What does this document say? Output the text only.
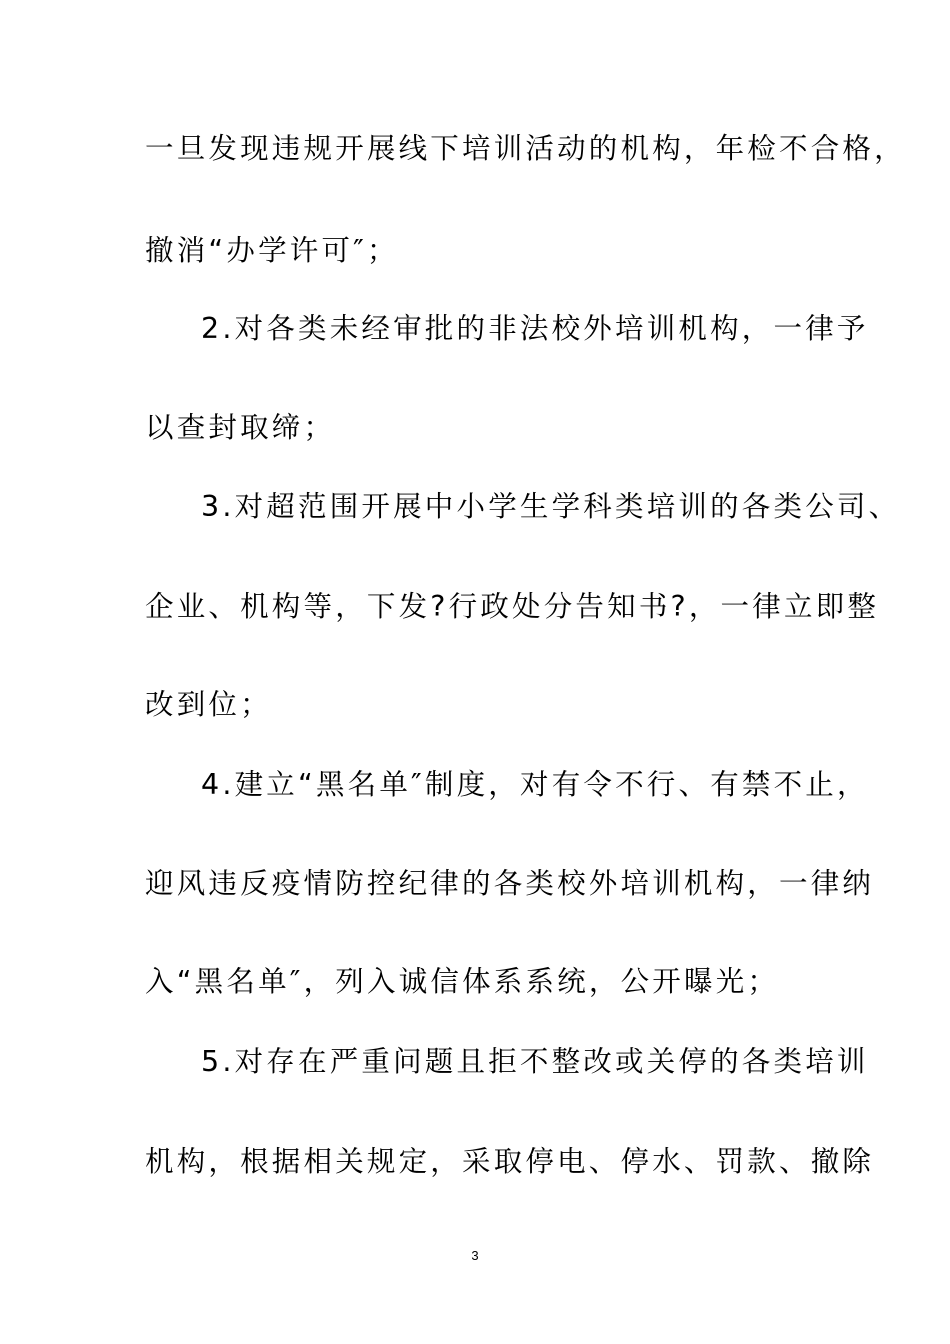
一旦发现违规开展线下培训活动的机构，年检不合格，
撤消“办学许可″；
2.对各类未经审批的非法校外培训机构，一律予
以查封取缔；
3.对超范围开展中小学生学科类培训的各类公司、
企业、机构等，下发?行政处分告知书?，一律立即整
改到位；
4.建立“黑名单″制度，对有令不行、有禁不止，
迎风违反疫情防控纪律的各类校外培训机构，一律纳
入“黑名单″，列入诚信体系系统，公开曝光；
5.对存在严重问题且拒不整改或关停的各类培训
机构，根据相关规定，采取停电、停水、罚款、撤除
3
